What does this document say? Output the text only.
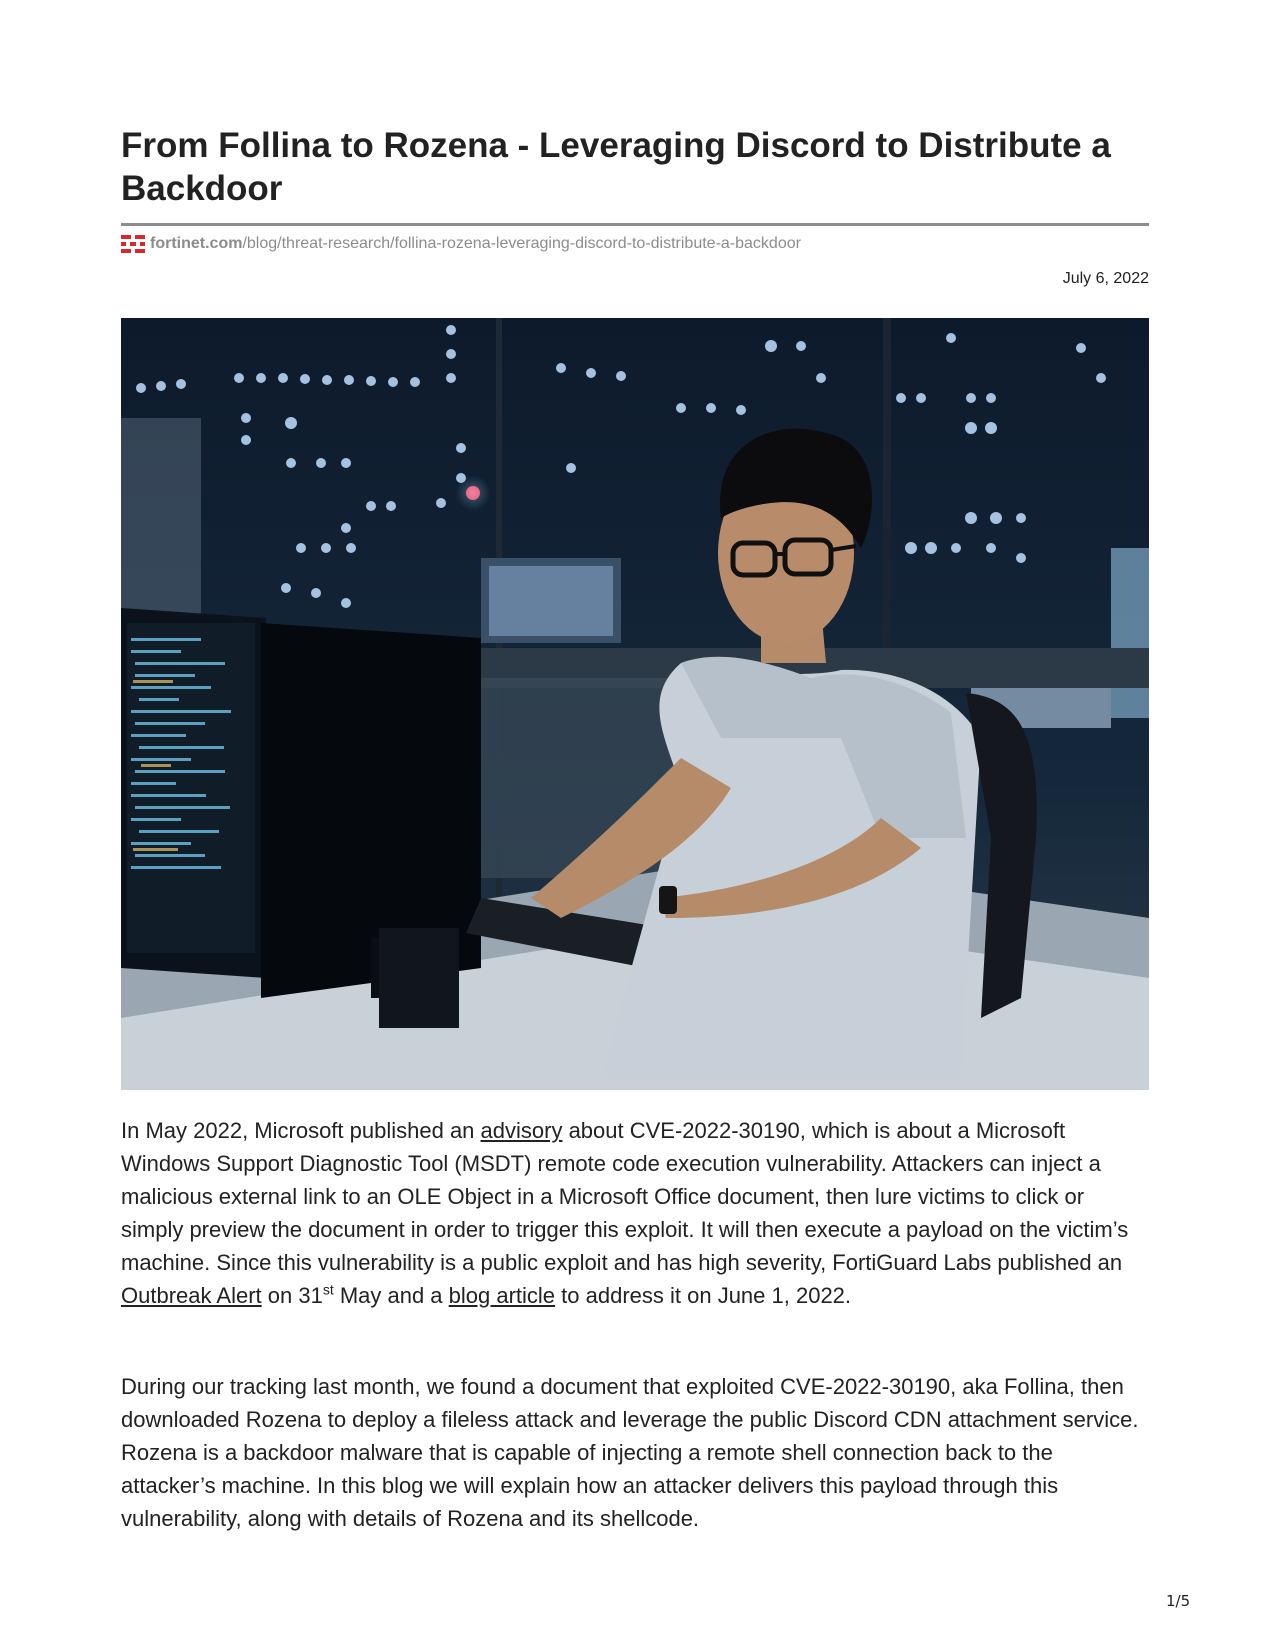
From Follina to Rozena - Leveraging Discord to Distribute a Backdoor
fortinet.com /blog/threat-research/follina-rozena-leveraging-discord-to-distribute-a-backdoor
July 6, 2022

In May 2022, Microsoft published an advisory about CVE-2022-30190, which is about a Microsoft Windows Support Diagnostic Tool (MSDT) remote code execution vulnerability. Attackers can inject a malicious external link to an OLE Object in a Microsoft Office document, then lure victims to click or simply preview the document in order to trigger this exploit. It will then execute a payload on the victim’s machine. Since this vulnerability is a public exploit and has high severity, FortiGuard Labs published an Outbreak Alert on 31st May and a blog article to address it on June 1, 2022.

During our tracking last month, we found a document that exploited CVE-2022-30190, aka Follina, then downloaded Rozena to deploy a fileless attack and leverage the public Discord CDN attachment service. Rozena is a backdoor malware that is capable of injecting a remote shell connection back to the attacker’s machine. In this blog we will explain how an attacker delivers this payload through this vulnerability, along with details of Rozena and its shellcode.

1/5
